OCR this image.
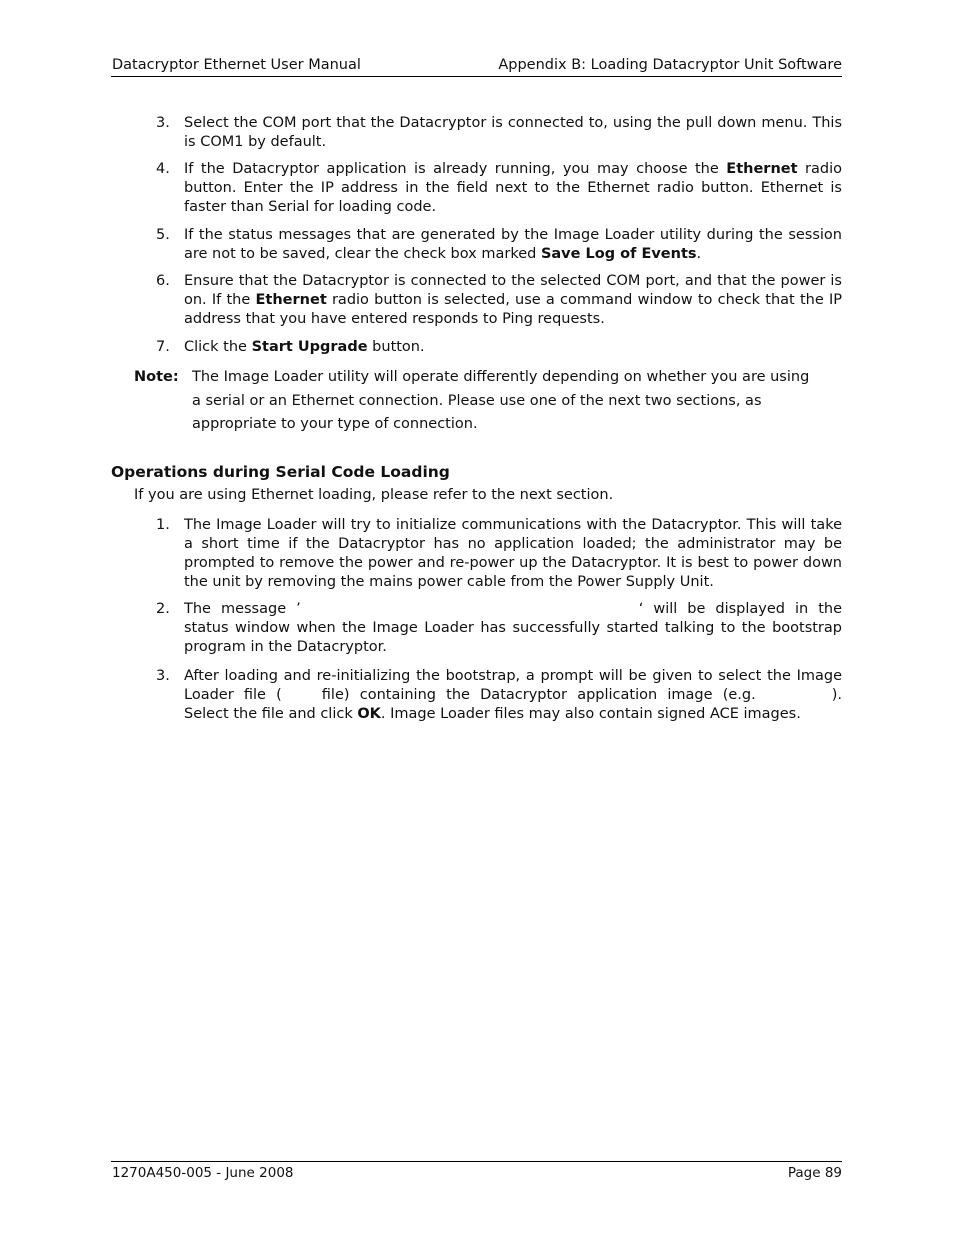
Datacryptor Ethernet User Manual	Appendix B: Loading Datacryptor Unit Software
3. Select the COM port that the Datacryptor is connected to, using the pull down menu. This is COM1 by default.
4. If the Datacryptor application is already running, you may choose the Ethernet radio button. Enter the IP address in the field next to the Ethernet radio button. Ethernet is faster than Serial for loading code.
5. If the status messages that are generated by the Image Loader utility during the session are not to be saved, clear the check box marked Save Log of Events.
6. Ensure that the Datacryptor is connected to the selected COM port, and that the power is on. If the Ethernet radio button is selected, use a command window to check that the IP address that you have entered responds to Ping requests.
7. Click the Start Upgrade button.
Note: The Image Loader utility will operate differently depending on whether you are using a serial or an Ethernet connection. Please use one of the next two sections, as appropriate to your type of connection.
Operations during Serial Code Loading
If you are using Ethernet loading, please refer to the next section.
1. The Image Loader will try to initialize communications with the Datacryptor. This will take a short time if the Datacryptor has no application loaded; the administrator may be prompted to remove the power and re-power up the Datacryptor. It is best to power down the unit by removing the mains power cable from the Power Supply Unit.
2. The message ’	‘ will be displayed in the status window when the Image Loader has successfully started talking to the bootstrap program in the Datacryptor.
3. After loading and re-initializing the bootstrap, a prompt will be given to select the Image Loader file (	file) containing the Datacryptor application image (e.g.	). Select the file and click OK. Image Loader files may also contain signed ACE images.
1270A450-005 - June 2008	Page 89
